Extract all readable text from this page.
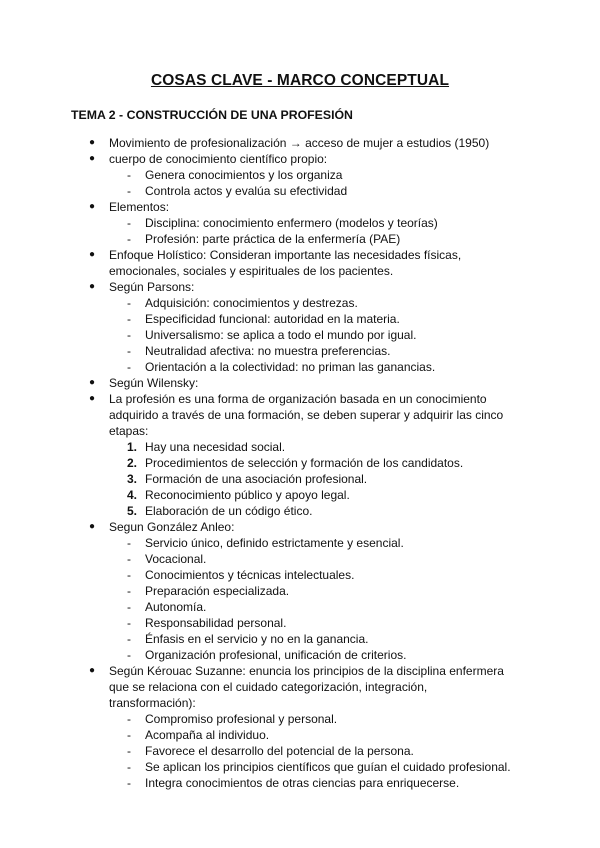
COSAS CLAVE - MARCO CONCEPTUAL
TEMA 2 - CONSTRUCCIÓN DE UNA PROFESIÓN
● Movimiento de profesionalización → acceso de mujer a estudios (1950)
● cuerpo de conocimiento científico propio:
- Genera conocimientos y los organiza
- Controla actos y evalúa su efectividad
● Elementos:
- Disciplina: conocimiento enfermero (modelos y teorías)
- Profesión: parte práctica de la enfermería (PAE)
● Enfoque Holístico: Consideran importante las necesidades físicas, emocionales, sociales y espirituales de los pacientes.
● Según Parsons:
- Adquisición: conocimientos y destrezas.
- Especificidad funcional: autoridad en la materia.
- Universalismo: se aplica a todo el mundo por igual.
- Neutralidad afectiva: no muestra preferencias.
- Orientación a la colectividad: no priman las ganancias.
● Según Wilensky:
● La profesión es una forma de organización basada en un conocimiento adquirido a través de una formación, se deben superar y adquirir las cinco etapas:
1. Hay una necesidad social.
2. Procedimientos de selección y formación de los candidatos.
3. Formación de una asociación profesional.
4. Reconocimiento público y apoyo legal.
5. Elaboración de un código ético.
● Segun González Anleo:
- Servicio único, definido estrictamente y esencial.
- Vocacional.
- Conocimientos y técnicas intelectuales.
- Preparación especializada.
- Autonomía.
- Responsabilidad personal.
- Énfasis en el servicio y no en la ganancia.
- Organización profesional, unificación de criterios.
● Según Kérouac Suzanne: enuncia los principios de la disciplina enfermera que se relaciona con el cuidado categorización, integración, transformación):
- Compromiso profesional y personal.
- Acompaña al individuo.
- Favorece el desarrollo del potencial de la persona.
- Se aplican los principios científicos que guían el cuidado profesional.
- Integra conocimientos de otras ciencias para enriquecerse.
